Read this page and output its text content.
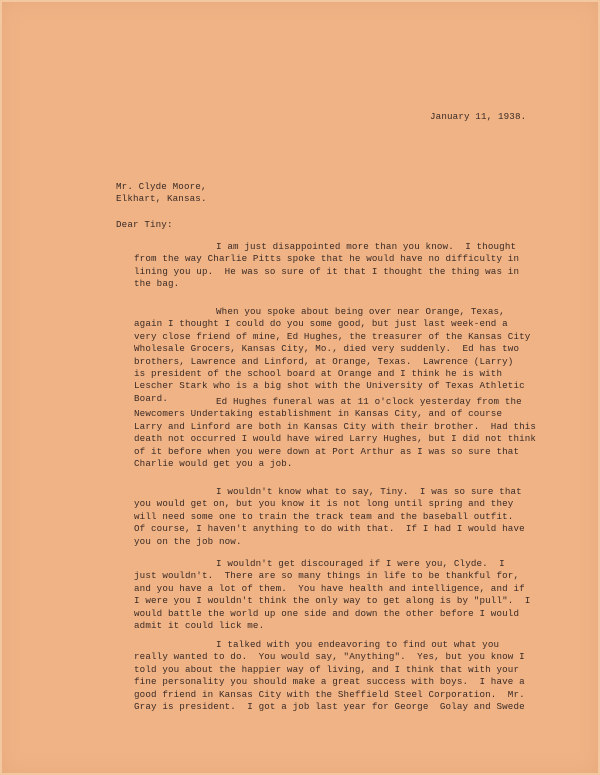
January 11, 1938.
Mr. Clyde Moore,
Elkhart, Kansas.
Dear Tiny:
I am just disappointed more than you know.  I thought
from the way Charlie Pitts spoke that he would have no difficulty in
lining you up.  He was so sure of it that I thought the thing was in
the bag.
When you spoke about being over near Orange, Texas,
again I thought I could do you some good, but just last week-end a
very close friend of mine, Ed Hughes, the treasurer of the Kansas City
Wholesale Grocers, Kansas City, Mo., died very suddenly.  Ed has two
brothers, Lawrence and Linford, at Orange, Texas.  Lawrence (Larry)
is president of the school board at Orange and I think he is with
Lescher Stark who is a big shot with the University of Texas Athletic
Board.	Ed Hughes funeral was at 11 o'clock yesterday from the
Newcomers Undertaking establishment in Kansas City, and of course
Larry and Linford are both in Kansas City with their brother.  Had this
death not occurred I would have wired Larry Hughes, but I did not think
of it before when you were down at Port Arthur as I was so sure that
Charlie would get you a job.
I wouldn't know what to say, Tiny.  I was so sure that
you would get on, but you know it is not long until spring and they
will need some one to train the track team and the baseball outfit.
Of course, I haven't anything to do with that.  If I had I would have
you on the job now.
I wouldn't get discouraged if I were you, Clyde.  I
just wouldn't.  There are so many things in life to be thankful for,
and you have a lot of them.  You have health and intelligence, and if
I were you I wouldn't think the only way to get along is by "pull".  I
would battle the world up one side and down the other before I would
admit it could lick me.
I talked with you endeavoring to find out what you
really wanted to do.  You would say, "Anything".  Yes, but you know I
told you about the happier way of living, and I think that with your
fine personality you should make a great success with boys.  I have a
good friend in Kansas City with the Sheffield Steel Corporation.  Mr.
Gray is president.  I got a job last year for George  Golay and Swede
